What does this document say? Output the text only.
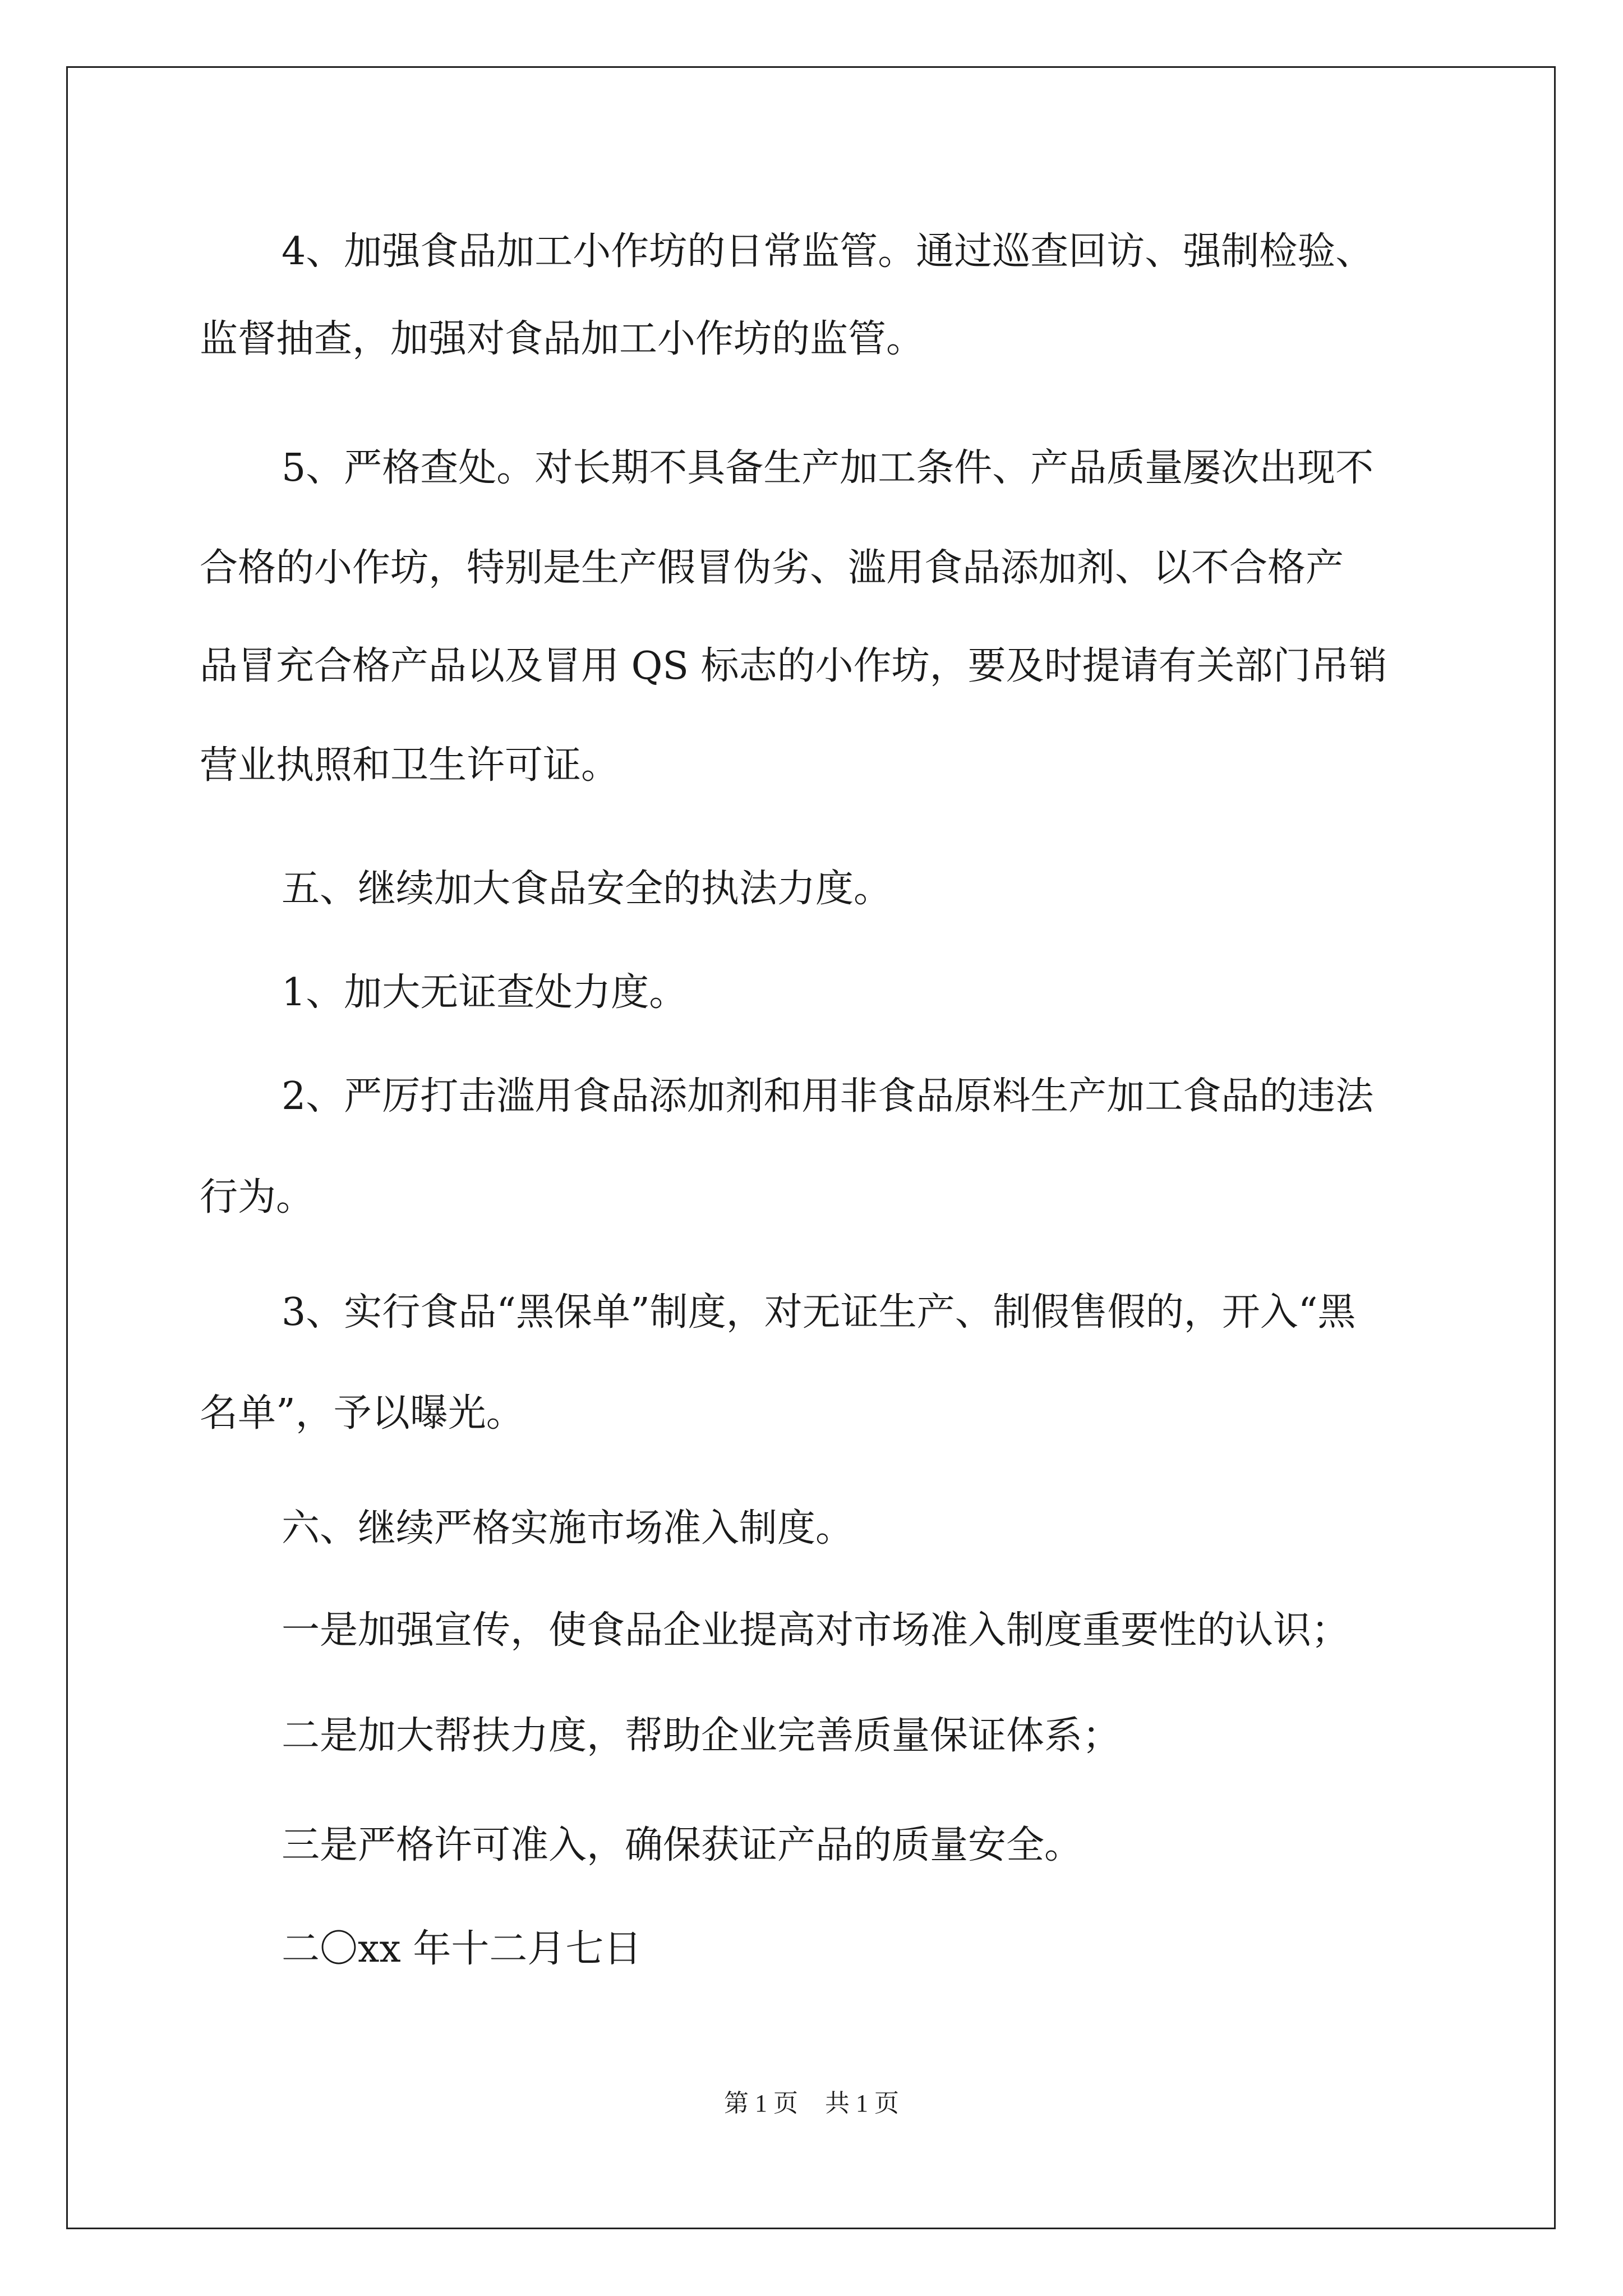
4、加强食品加工小作坊的日常监管。通过巡查回访、强制检验、
监督抽查，加强对食品加工小作坊的监管。
5、严格查处。对长期不具备生产加工条件、产品质量屡次出现不
合格的小作坊，特别是生产假冒伪劣、滥用食品添加剂、以不合格产
品冒充合格产品以及冒用 QS 标志的小作坊，要及时提请有关部门吊销
营业执照和卫生许可证。
五、继续加大食品安全的执法力度。
1、加大无证查处力度。
2、严厉打击滥用食品添加剂和用非食品原料生产加工食品的违法
行为。
3、实行食品“黑保单”制度，对无证生产、制假售假的，开入“黑
名单”，予以曝光。
六、继续严格实施市场准入制度。
一是加强宣传，使食品企业提高对市场准入制度重要性的认识；
二是加大帮扶力度，帮助企业完善质量保证体系；
三是严格许可准入，确保获证产品的质量安全。
二〇xx 年十二月七日
第 1 页 共 1 页
